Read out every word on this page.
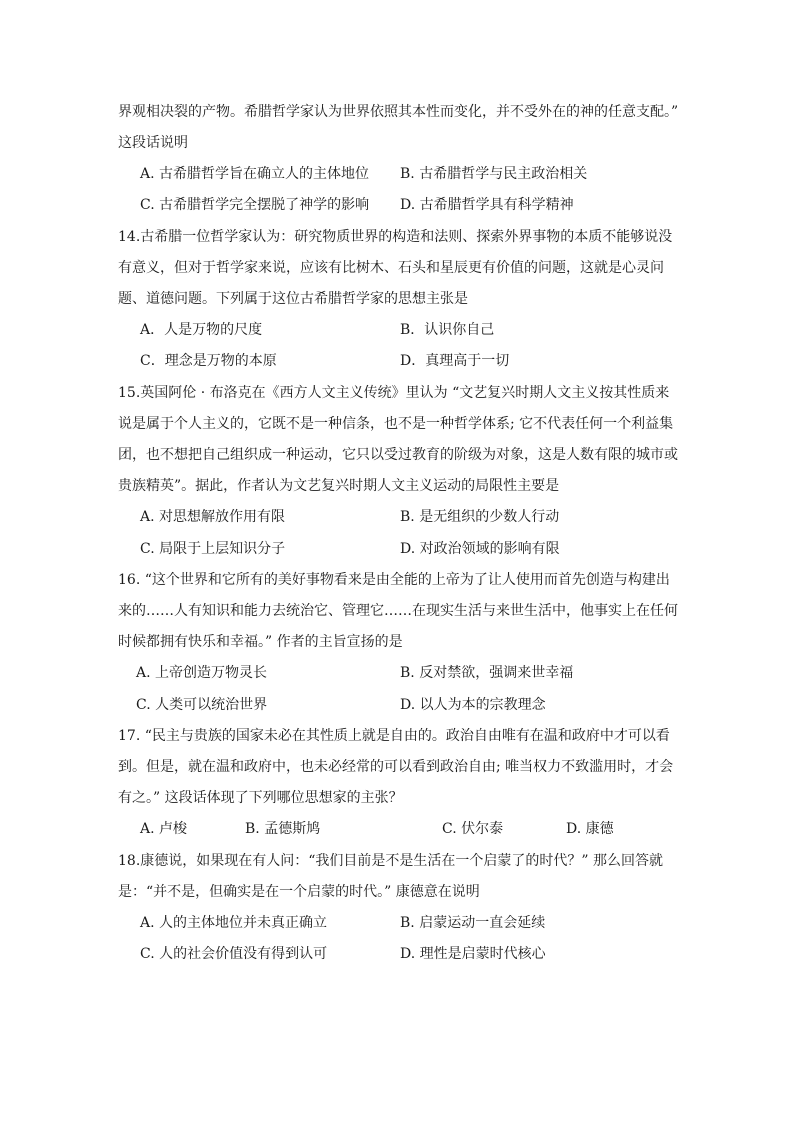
界观相决裂的产物。希腊哲学家认为世界依照其本性而变化，并不受外在的神的任意支配。”
这段话说明
A. 古希腊哲学旨在确立人的主体地位 B. 古希腊哲学与民主政治相关
C. 古希腊哲学完全摆脱了神学的影响 D. 古希腊哲学具有科学精神
14.古希腊一位哲学家认为：研究物质世界的构造和法则、探索外界事物的本质不能够说没
有意义，但对于哲学家来说，应该有比树木、石头和星辰更有价值的问题，这就是心灵问
题、道德问题。下列属于这位古希腊哲学家的思想主张是
A．人是万物的尺度	B．认识你自己
C．理念是万物的本原	D．真理高于一切
15.英国阿伦 · 布洛克在《西方人文主义传统》里认为 “文艺复兴时期人文主义按其性质来
说是属于个人主义的，它既不是一种信条，也不是一种哲学体系; 它不代表任何一个利益集
团，也不想把自己组织成一种运动，它只以受过教育的阶级为对象，这是人数有限的城市或
贵族精英”。据此，作者认为文艺复兴时期人文主义运动的局限性主要是
A. 对思想解放作用有限	B. 是无组织的少数人行动
C. 局限于上层知识分子	D. 对政治领域的影响有限
16. “这个世界和它所有的美好事物看来是由全能的上帝为了让人使用而首先创造与构建出
来的……人有知识和能力去统治它、管理它……在现实生活与来世生活中，他事实上在任何
时候都拥有快乐和幸福。” 作者的主旨宣扬的是
A. 上帝创造万物灵长	B. 反对禁欲，强调来世幸福
C. 人类可以统治世界	D. 以人为本的宗教理念
17. “民主与贵族的国家未必在其性质上就是自由的。政治自由唯有在温和政府中才可以看
到。但是，就在温和政府中，也未必经常的可以看到政治自由; 唯当权力不致滥用时，才会
有之。” 这段话体现了下列哪位思想家的主张？
A. 卢梭	B. 孟德斯鸠	C. 伏尔泰	D. 康德
18.康德说，如果现在有人问：“我们目前是不是生活在一个启蒙了的时代？” 那么回答就
是：“并不是，但确实是在一个启蒙的时代。” 康德意在说明
A. 人的主体地位并未真正确立	B. 启蒙运动一直会延续
C. 人的社会价值没有得到认可	D. 理性是启蒙时代核心
